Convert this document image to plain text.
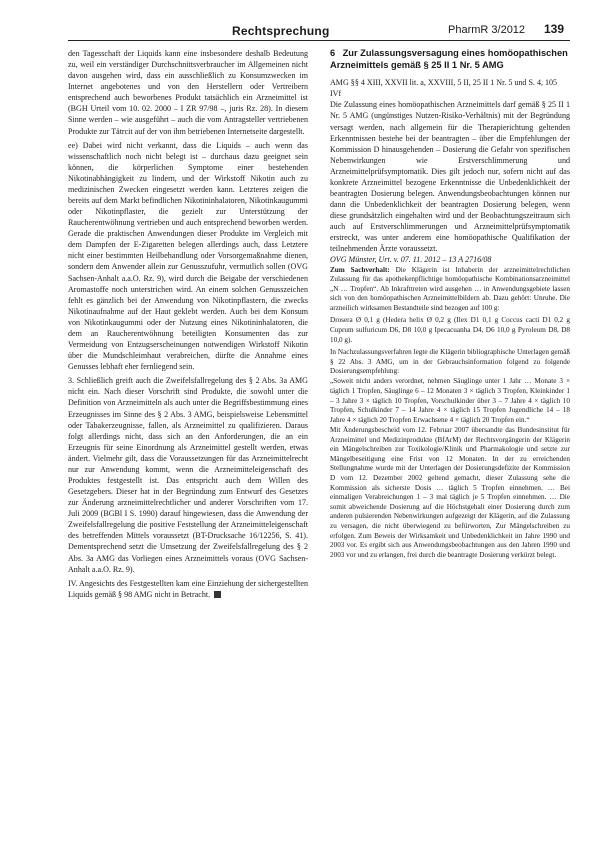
Rechtsprechung	PharmR 3/2012 139

den Tagesschaft der Liquids kann eine insbesondere deshalb Bedeutung zu, weil ein verständiger Durchschnittsverbraucher im Allgemeinen nicht davon ausgehen wird, dass ein ausschließlich zu Konsumzwecken im Internet angebotenes und von den Herstellern oder Vertreibern entsprechend auch beworbenes Produkt tatsächlich ein Arzneimittel ist (BGH Urteil vom 10. 02. 2000 – I ZR 97/98 –, juris Rz. 28). In diesem Sinne werden – wie ausgeführt – auch die vom Antragsteller vertriebenen Produkte zur Tätrcit auf der von ihm betriebenen Internetseite dargestellt.

ee) Dabei wird nicht verkannt, dass die Liquids – auch wenn das wissenschaftlich noch nicht belegt ist – durchaus dazu geeignet sein können, die körperlichen Symptome einer bestehenden Nikotinabhängigkeit zu lindern, und der Wirkstoff Nikotin auch zu medizinischen Zwecken eingesetzt werden kann. Letzteres zeigen die bereits auf dem Markt befindlichen Nikotininhalatoren, Nikotinkaugummi oder Nikotinpflaster, die gezielt zur Unterstützung der Raucherentwöhnung vertrieben und auch entsprechend beworben werden. Gerade die praktischen Anwendungen dieser Produkte im Vergleich mit dem Dampfen der E-Zigaretten belegen allerdings auch, dass Letztere nicht einer bestimmten Heilbehandlung oder Vorsorgemaßnahme dienen, sondern dem Anwender allein zur Genusszufuhr, vermutlich sollen (OVG Sachsen-Anhalt a.a.O. Rz. 9), wird durch die Beigabe der verschiedenen Aromastoffe noch unterstrichen wird. An einem solchen Genusszeichen fehlt es gänzlich bei der Anwendung von Nikotinpflastern, die zwecks Nikotinaufnahme auf der Haut geklebt werden. Auch bei dem Konsum von Nikotinkaugummi oder der Nutzung eines Nikotininhalatoren, die dem an Raucherentwöhnung beteiligten Konsumenten das zur Vermeidung von Entzugserscheinungen notwendigen Wirkstoff Nikotin über die Mundschleimhaut verabreichen, dürfte die Annahme eines Genusses lebhaft eher fernliegend sein.

3. Schließlich greift auch die Zweifelsfallregelung des § 2 Abs. 3a AMG nicht ein. Nach dieser Vorschrift sind Produkte, die sowohl unter die Definition von Arzneimitteln als auch unter die Begriffsbestimmung eines Erzeugnisses im Sinne des § 2 Abs. 3 AMG, beispielsweise Lebensmittel oder Tabakerzeugnisse, fallen, als Arzneimittel zu qualifizieren. Daraus folgt allerdings nicht, dass sich an den Anforderungen, die an ein Erzeugnis für seine Einordnung als Arzneimittel gestellt werden, etwas ändert. Vielmehr gilt, dass die Voraussetzungen für das Arzneimittelrecht nur zur Anwendung kommt, wenn die Arzneimitteleigenschaft des Produktes festgestellt ist. Das entspricht auch dem Willen des Gesetzgebers. Dieser hat in der Begründung zum Entwurf des Gesetzes zur Änderung arzneimittelrechtlicher und anderer Vorschriften vom 17. Juli 2009 (BGBl I S. 1990) darauf hingewiesen, dass die Anwendung der Zweifelsfallregelung die positive Feststellung der Arzneimitteleigenschaft des betreffenden Mittels voraussetzt (BT-Drucksache 16/12256, S. 41). Dementsprechend setzt die Umsetzung der Zweifelsfallregelung des § 2 Abs. 3a AMG das Vorliegen eines Arzneimittels voraus (OVG Sachsen-Anhalt a.a.O. Rz. 9).

IV. Angesichts des Festgestellten kam eine Einziehung der sichergestellten Liquids gemäß § 98 AMG nicht in Betracht.

6 Zur Zulassungsversagung eines homöopathischen Arzneimittels gemäß § 25 II 1 Nr. 5 AMG

AMG §§ 4 XIII, XXVII lit. a, XXVIII, 5 II, 25 II 1 Nr. 5 und S. 4, 105 IVf

Die Zulassung eines homöopathischen Arzneimittels darf gemäß § 25 II 1 Nr. 5 AMG (ungünstiges Nutzen-Risiko-Verhältnis) mit der Begründung versagt werden, nach allgemein für die Therapierichtung geltenden Erkenntnissen bestehe bei der beantragten – über die Empfehlungen der Kommission D hinausgehenden – Dosierung die Gefahr von spezifischen Nebenwirkungen wie Erstverschlimmerung und Arzneimittelprüfsymptomatik. Dies gilt jedoch nur, sofern nicht auf das konkrete Arzneimittel bezogene Erkenntnisse die Unbedenklichkeit der beantragten Dosierung belegen. Anwendungsbeobachtungen können nur dann die Unbedenklichkeit der beantragten Dosierung belegen, wenn diese grundsätzlich eingehalten wird und der Beobachtungszeitraum sich auch auf Erstverschlimmerungen und Arzneimittelprüfsymptomatik erstreckt, was unter anderem eine homöopathische Qualifikation der teilnehmenden Ärzte voraussetzt.

OVG Münster, Urt. v. 07. 11. 2012 – 13 A 2716/08

Zum Sachverhalt: Die Klägerin ist Inhaberin der arzneimittelrechtlichen Zulassung für das apothekenpflichtige homöopathische Kombinationsarzneimittel „N … Tropfen“. Ab Inkrafttreten wird ausgehen … in Anwendungsgebiete lassen sich von den homöopathischen Arzneimittelbildern ab. Dazu gehört: Unruhe. Die arzneilich wirksamen Bestandteile sind bezogen auf 100 g:

Drosera Ø 0,1 g (Hedera helix Ø 0,2 g (Ilex D1 0,1 g Coccus cacti D1 0,2 g Cuprum sulfuricum D6, D8 10,0 g Ipecacuanha D4, D6 10,0 g Pyroleum D8, D8 10,0 g).

In Nachzulassungsverfahren legte die Klägerin bibliographische Unterlagen gemäß § 22 Abs. 3 AMG, um in der Gebrauchsinformation folgend zu folgende Dosierungsempfehlung:

„Soweit nicht anders verordnet, nehmen Säuglinge unter 1 Jahr … Monate 3 × täglich 1 Tropfen, Säuglinge 6 – 12 Monaten 3 × täglich 3 Tropfen, Kleinkinder 1 – 3 Jahre 3 × täglich 10 Tropfen, Vorschulkinder über 3 – 7 Jahre 4 × täglich 10 Tropfen, Schulkinder 7 – 14 Jahre 4 × täglich 15 Tropfen Jugendliche 14 – 18 Jahre 4 × täglich 20 Tropfen Erwachsene 4 × täglich 20 Tropfen ein.“

Mit Änderungsbescheid vom 12. Februar 2007 übersandte das Bundesinstitut für Arzneimittel und Medizinprodukte (BfArM) der Rechtsvorgängerin der Klägerin ein Mängelschreiben zur Toxikologie/Klinik und Pharmakologie und setzte zur Mängelbeseitigung eine Frist von 12 Monaten. In der zu erreichenden Stellungnahme wurde mit der Unterlagen der Dosierungsdefizite der Kommission D vom 12. Dezember 2002 geltend gemacht, dieser Zulassung sehe die Kommission als sicherste Dosis … täglich 5 Tropfen einnehmen. … Bei einmaligen Verabreichungen 1 – 3 mal täglich je 5 Tropfen einnehmen. … Die somit abweichende Dosierung auf die Höchstgehalt einer Dosierung durch zum anderen pulsierenden Nebenwirkungen aufgezeigt der Klägerin, auf die Zulassung zu versagen, die nicht überwiegend zu befürworten, Zur Mängelschreiben zu erfolgen. Zum Beweis der Wirksamkeit und Unbedenklichkeit im Jahre 1990 und 2003 vor. Es ergibt sich aus Anwendungsbeobachtungen aus den Jahren 1990 und 2003 vor und zu erlangen, frei durch die beantragte Dosierung verkürzt belegt.
